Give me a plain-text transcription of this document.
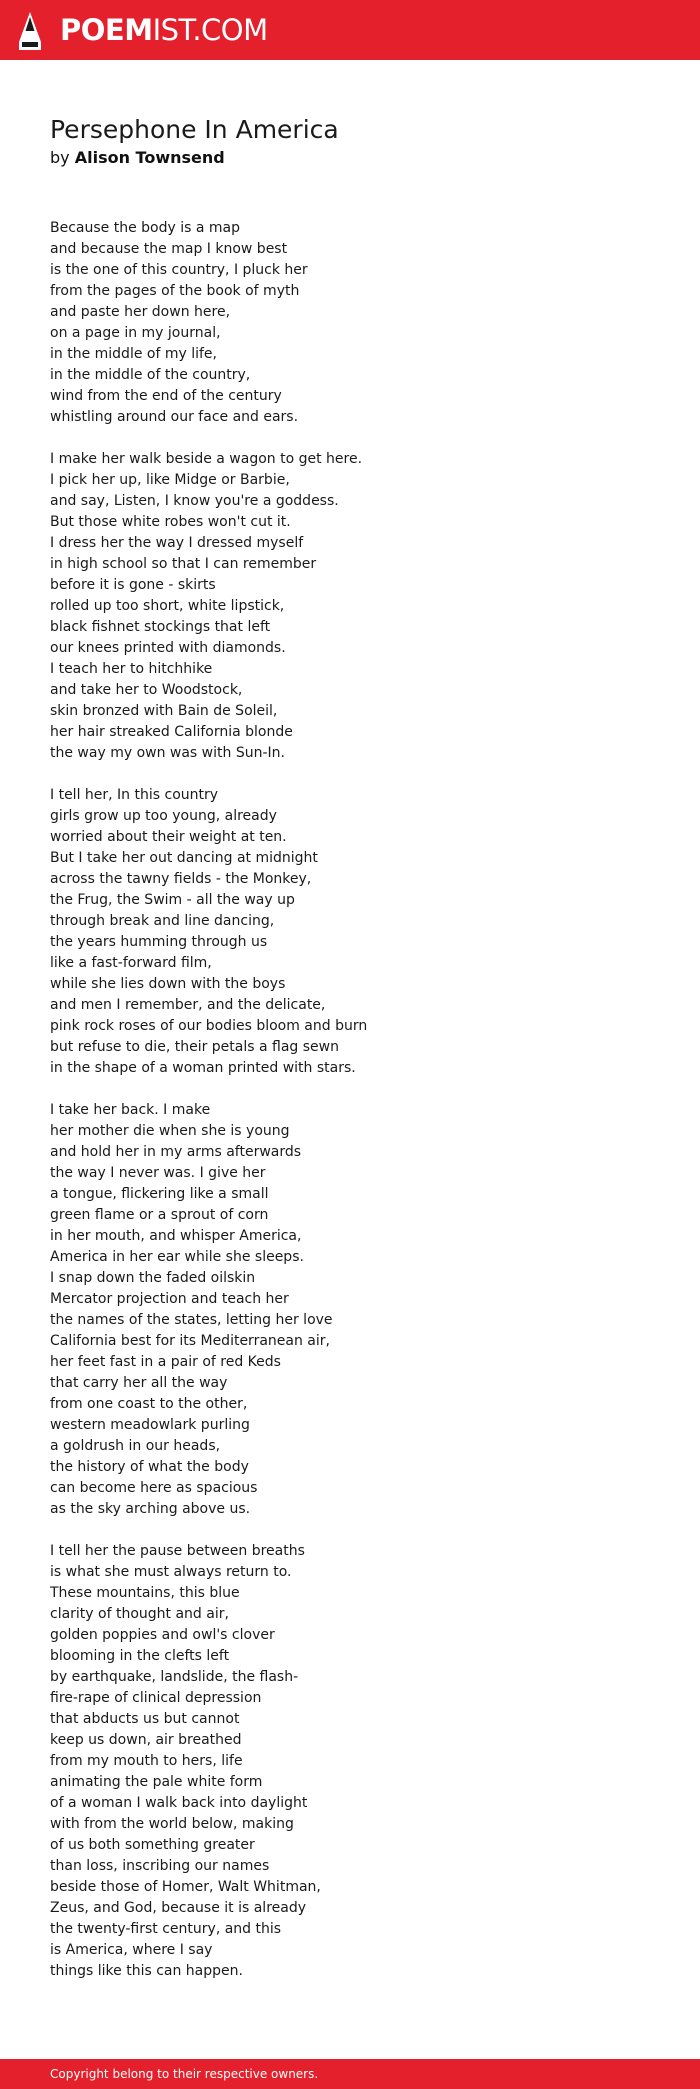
POEMIST.COM
Persephone In America
by Alison Townsend
Because the body is a map
and because the map I know best
is the one of this country, I pluck her
from the pages of the book of myth
and paste her down here,
on a page in my journal,
in the middle of my life,
in the middle of the country,
wind from the end of the century
whistling around our face and ears.
I make her walk beside a wagon to get here.
I pick her up, like Midge or Barbie,
and say, Listen, I know you're a goddess.
But those white robes won't cut it.
I dress her the way I dressed myself
in high school so that I can remember
before it is gone - skirts
rolled up too short, white lipstick,
black fishnet stockings that left
our knees printed with diamonds.
I teach her to hitchhike
and take her to Woodstock,
skin bronzed with Bain de Soleil,
her hair streaked California blonde
the way my own was with Sun-In.
I tell her, In this country
girls grow up too young, already
worried about their weight at ten.
But I take her out dancing at midnight
across the tawny fields - the Monkey,
the Frug, the Swim - all the way up
through break and line dancing,
the years humming through us
like a fast-forward film,
while she lies down with the boys
and men I remember, and the delicate,
pink rock roses of our bodies bloom and burn
but refuse to die, their petals a flag sewn
in the shape of a woman printed with stars.
I take her back. I make
her mother die when she is young
and hold her in my arms afterwards
the way I never was. I give her
a tongue, flickering like a small
green flame or a sprout of corn
in her mouth, and whisper America,
America in her ear while she sleeps.
I snap down the faded oilskin
Mercator projection and teach her
the names of the states, letting her love
California best for its Mediterranean air,
her feet fast in a pair of red Keds
that carry her all the way
from one coast to the other,
western meadowlark purling
a goldrush in our heads,
the history of what the body
can become here as spacious
as the sky arching above us.
I tell her the pause between breaths
is what she must always return to.
These mountains, this blue
clarity of thought and air,
golden poppies and owl's clover
blooming in the clefts left
by earthquake, landslide, the flash-
fire-rape of clinical depression
that abducts us but cannot
keep us down, air breathed
from my mouth to hers, life
animating the pale white form
of a woman I walk back into daylight
with from the world below, making
of us both something greater
than loss, inscribing our names
beside those of Homer, Walt Whitman,
Zeus, and God, because it is already
the twenty-first century, and this
is America, where I say
things like this can happen.
Copyright belong to their respective owners.
